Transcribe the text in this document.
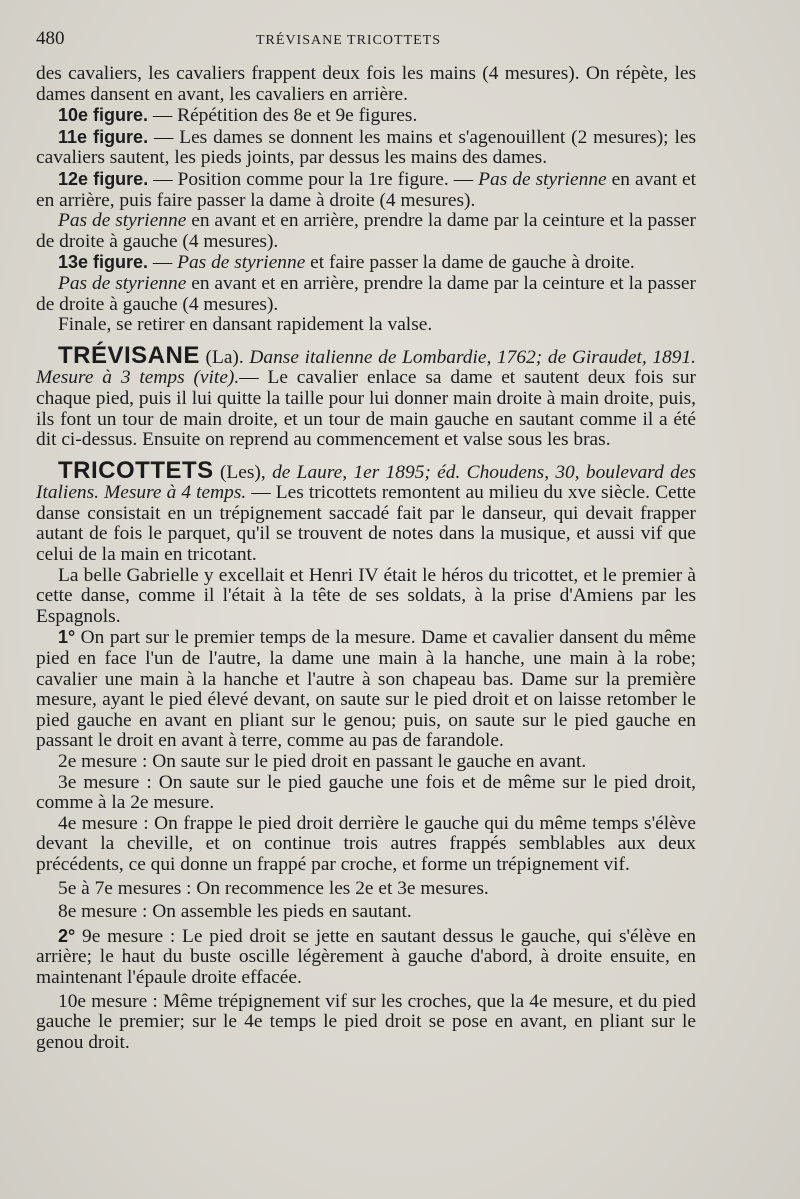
480	TRÉVISANE TRICOTTETS

des cavaliers, les cavaliers frappent deux fois les mains (4 mesures). On répète, les dames dansent en avant, les cavaliers en arrière.

10e figure. — Répétition des 8e et 9e figures.

11e figure. — Les dames se donnent les mains et s'agenouillent (2 mesures); les cavaliers sautent, les pieds joints, par dessus les mains des dames.

12e figure. — Position comme pour la 1re figure. — Pas de styrienne en avant et en arrière, puis faire passer la dame à droite (4 mesures).

Pas de styrienne en avant et en arrière, prendre la dame par la ceinture et la passer de droite à gauche (4 mesures).

13e figure. — Pas de styrienne et faire passer la dame de gauche à droite.

Pas de styrienne en avant et en arrière, prendre la dame par la ceinture et la passer de droite à gauche (4 mesures).

Finale, se retirer en dansant rapidement la valse.

TRÉVISANE (La). Danse italienne de Lombardie, 1762; de Giraudet, 1891. Mesure à 3 temps (vite).— Le cavalier enlace sa dame et sautent deux fois sur chaque pied, puis il lui quitte la taille pour lui donner main droite à main droite, puis, ils font un tour de main droite, et un tour de main gauche en sautant comme il a été dit ci-dessus. Ensuite on reprend au commencement et valse sous les bras.

TRICOTTETS (Les), de Laure, 1er 1895; éd. Choudens, 30, boulevard des Italiens. Mesure à 4 temps. — Les tricottets remontent au milieu du xve siècle. Cette danse consistait en un trépignement saccadé fait par le danseur, qui devait frapper autant de fois le parquet, qu'il se trouvent de notes dans la musique, et aussi vif que celui de la main en tricotant.

La belle Gabrielle y excellait et Henri IV était le héros du tricottet, et le premier à cette danse, comme il l'était à la tête de ses soldats, à la prise d'Amiens par les Espagnols.

1° On part sur le premier temps de la mesure. Dame et cavalier dansent du même pied en face l'un de l'autre, la dame une main à la hanche, une main à la robe; cavalier une main à la hanche et l'autre à son chapeau bas. Dame sur la première mesure, ayant le pied élevé devant, on saute sur le pied droit et on laisse retomber le pied gauche en avant en pliant sur le genou; puis, on saute sur le pied gauche en passant le droit en avant à terre, comme au pas de farandole.

2e mesure : On saute sur le pied droit en passant le gauche en avant.

3e mesure : On saute sur le pied gauche une fois et de même sur le pied droit, comme à la 2e mesure.

4e mesure : On frappe le pied droit derrière le gauche qui du même temps s'élève devant la cheville, et on continue trois autres frappés semblables aux deux précédents, ce qui donne un frappé par croche, et forme un trépignement vif.

5e à 7e mesures : On recommence les 2e et 3e mesures.

8e mesure : On assemble les pieds en sautant.

2° 9e mesure : Le pied droit se jette en sautant dessus le gauche, qui s'élève en arrière; le haut du buste oscille légèrement à gauche d'abord, à droite ensuite, en maintenant l'épaule droite effacée.

10e mesure : Même trépignement vif sur les croches, que la 4e mesure, et du pied gauche le premier; sur le 4e temps le pied droit se pose en avant, en pliant sur le genou droit.
